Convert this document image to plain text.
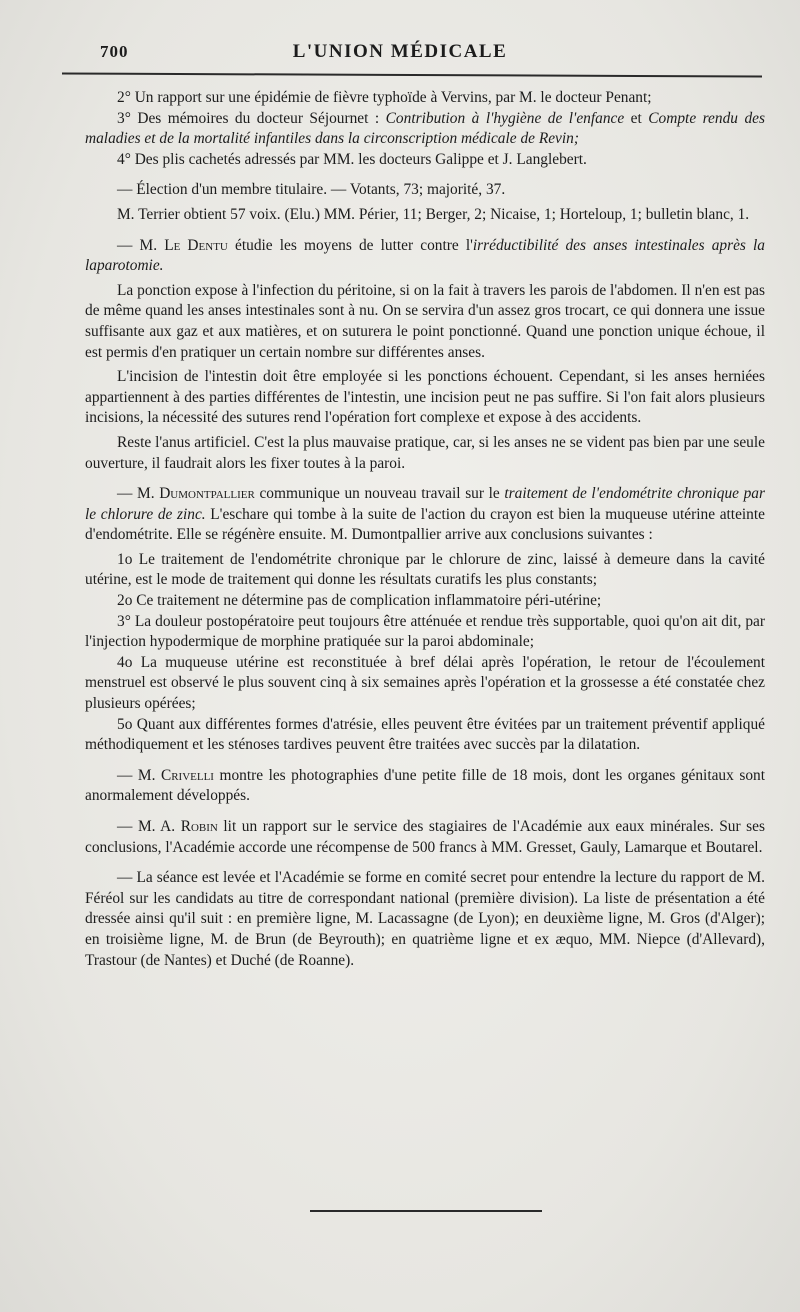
700	L'UNION MÉDICALE

2° Un rapport sur une épidémie de fièvre typhoïde à Vervins, par M. le docteur Penant;

3° Des mémoires du docteur Séjournet : Contribution à l'hygiène de l'enfance et Compte rendu des maladies et de la mortalité infantiles dans la circonscription médicale de Revin;

4° Des plis cachetés adressés par MM. les docteurs Galippe et J. Langlebert.

— Élection d'un membre titulaire. — Votants, 73; majorité, 37.

M. Terrier obtient 57 voix. (Elu.) MM. Périer, 11; Berger, 2; Nicaise, 1; Horteloup, 1; bulletin blanc, 1.

— M. Le Dentu étudie les moyens de lutter contre l'irréductibilité des anses intestinales après la laparotomie.

La ponction expose à l'infection du péritoine, si on la fait à travers les parois de l'abdomen. Il n'en est pas de même quand les anses intestinales sont à nu. On se servira d'un assez gros trocart, ce qui donnera une issue suffisante aux gaz et aux matières, et on suturera le point ponctionné. Quand une ponction unique échoue, il est permis d'en pratiquer un certain nombre sur différentes anses.

L'incision de l'intestin doit être employée si les ponctions échouent. Cependant, si les anses herniées appartiennent à des parties différentes de l'intestin, une incision peut ne pas suffire. Si l'on fait alors plusieurs incisions, la nécessité des sutures rend l'opération fort complexe et expose à des accidents.

Reste l'anus artificiel. C'est la plus mauvaise pratique, car, si les anses ne se vident pas bien par une seule ouverture, il faudrait alors les fixer toutes à la paroi.

— M. Dumontpallier communique un nouveau travail sur le traitement de l'endométrite chronique par le chlorure de zinc. L'eschare qui tombe à la suite de l'action du crayon est bien la muqueuse utérine atteinte d'endométrite. Elle se régénère ensuite. M. Dumontpallier arrive aux conclusions suivantes :

1o Le traitement de l'endométrite chronique par le chlorure de zinc, laissé à demeure dans la cavité utérine, est le mode de traitement qui donne les résultats curatifs les plus constants;

2o Ce traitement ne détermine pas de complication inflammatoire péri-utérine;

3° La douleur postopératoire peut toujours être atténuée et rendue très supportable, quoi qu'on ait dit, par l'injection hypodermique de morphine pratiquée sur la paroi abdominale;

4o La muqueuse utérine est reconstituée à bref délai après l'opération, le retour de l'écoulement menstruel est observé le plus souvent cinq à six semaines après l'opération et la grossesse a été constatée chez plusieurs opérées;

5o Quant aux différentes formes d'atrésie, elles peuvent être évitées par un traitement préventif appliqué méthodiquement et les sténoses tardives peuvent être traitées avec succès par la dilatation.

— M. Crivelli montre les photographies d'une petite fille de 18 mois, dont les organes génitaux sont anormalement développés.

— M. A. Robin lit un rapport sur le service des stagiaires de l'Académie aux eaux minérales. Sur ses conclusions, l'Académie accorde une récompense de 500 francs à MM. Gresset, Gauly, Lamarque et Boutarel.

— La séance est levée et l'Académie se forme en comité secret pour entendre la lecture du rapport de M. Féréol sur les candidats au titre de correspondant national (première division). La liste de présentation a été dressée ainsi qu'il suit : en première ligne, M. Lacassagne (de Lyon); en deuxième ligne, M. Gros (d'Alger); en troisième ligne, M. de Brun (de Beyrouth); en quatrième ligne et ex æquo, MM. Niepce (d'Allevard), Trastour (de Nantes) et Duché (de Roanne).
